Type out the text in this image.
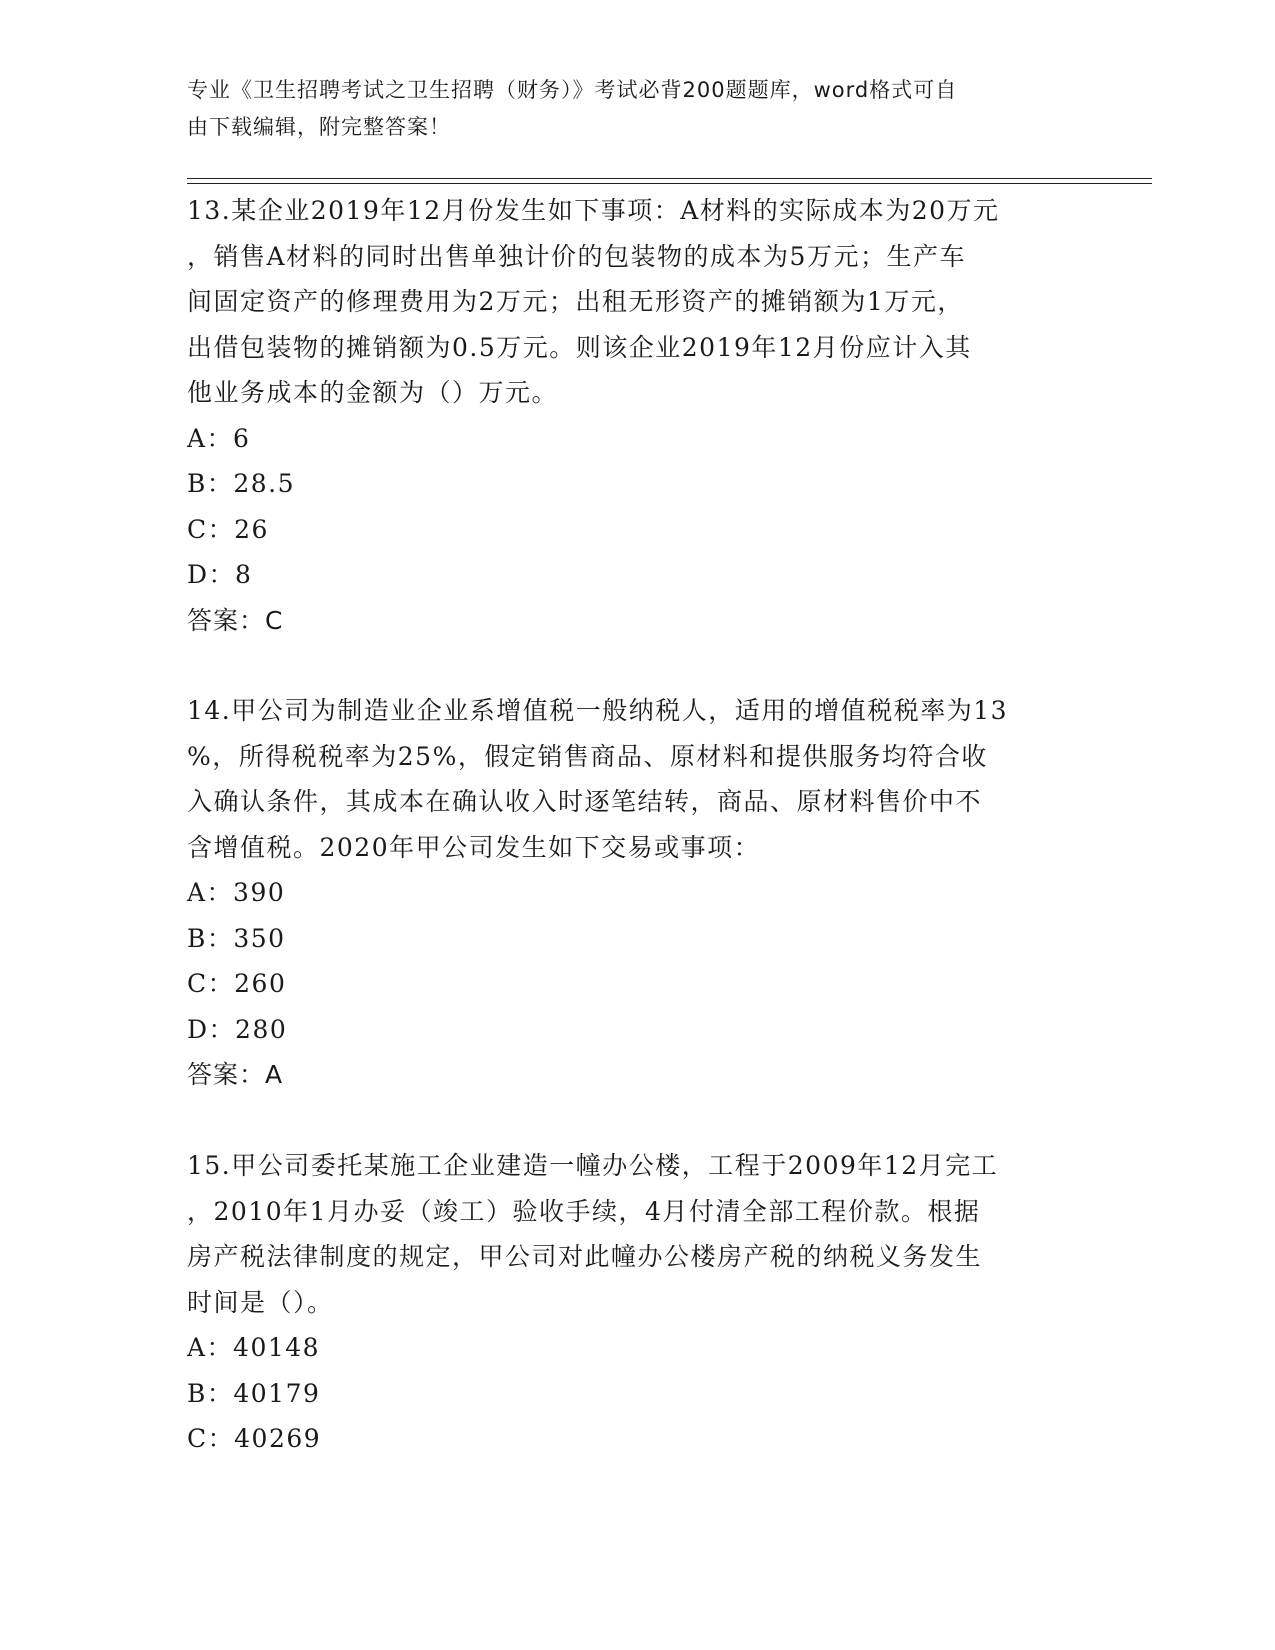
专业《卫生招聘考试之卫生招聘（财务）》考试必背200题题库，word格式可自
由下载编辑，附完整答案！
13.某企业2019年12月份发生如下事项：A材料的实际成本为20万元
，销售A材料的同时出售单独计价的包装物的成本为5万元；生产车
间固定资产的修理费用为2万元；出租无形资产的摊销额为1万元，
出借包装物的摊销额为0.5万元。则该企业2019年12月份应计入其
他业务成本的金额为（）万元。
A：6
B：28.5
C：26
D：8
答案：C
14.甲公司为制造业企业系增值税一般纳税人，适用的增值税税率为13
%，所得税税率为25%，假定销售商品、原材料和提供服务均符合收
入确认条件，其成本在确认收入时逐笔结转，商品、原材料售价中不
含增值税。2020年甲公司发生如下交易或事项：
A：390
B：350
C：260
D：280
答案：A
15.甲公司委托某施工企业建造一幢办公楼，工程于2009年12月完工
，2010年1月办妥（竣工）验收手续，4月付清全部工程价款。根据
房产税法律制度的规定，甲公司对此幢办公楼房产税的纳税义务发生
时间是（）。
A：40148
B：40179
C：40269
